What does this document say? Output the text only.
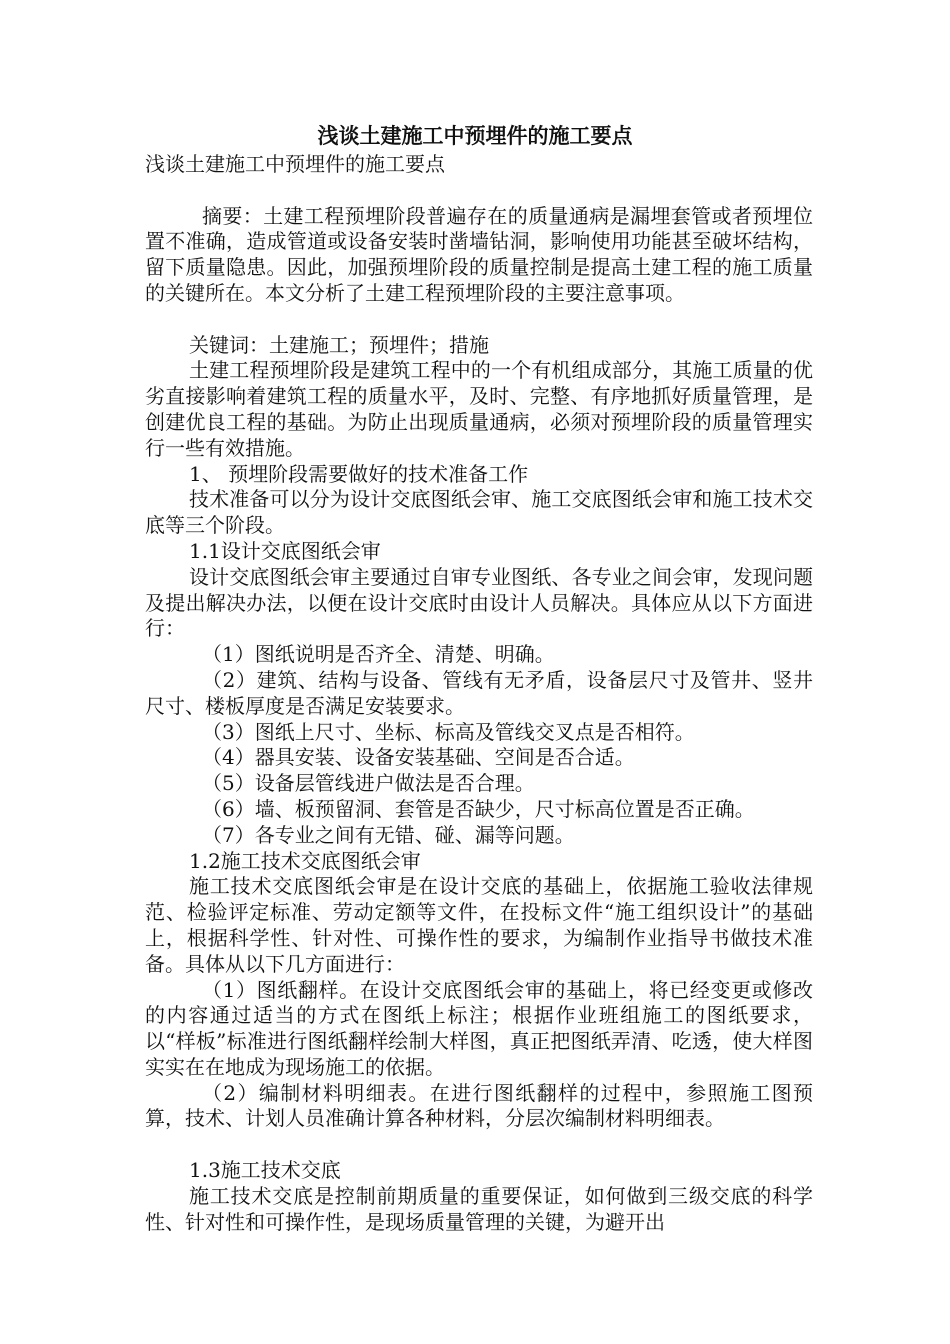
浅谈土建施工中预埋件的施工要点

浅谈土建施工中预埋件的施工要点

摘要：土建工程预埋阶段普遍存在的质量通病是漏埋套管或者预埋位置不准确，造成管道或设备安装时凿墙钻洞，影响使用功能甚至破坏结构，留下质量隐患。因此，加强预埋阶段的质量控制是提高土建工程的施工质量的关键所在。本文分析了土建工程预埋阶段的主要注意事项。

关键词：土建施工；预埋件；措施

土建工程预埋阶段是建筑工程中的一个有机组成部分，其施工质量的优劣直接影响着建筑工程的质量水平，及时、完整、有序地抓好质量管理，是创建优良工程的基础。为防止出现质量通病，必须对预埋阶段的质量管理实行一些有效措施。

1、 预埋阶段需要做好的技术准备工作

技术准备可以分为设计交底图纸会审、施工交底图纸会审和施工技术交底等三个阶段。

1.1设计交底图纸会审

设计交底图纸会审主要通过自审专业图纸、各专业之间会审，发现问题及提出解决办法，以便在设计交底时由设计人员解决。具体应从以下方面进行：

（1）图纸说明是否齐全、清楚、明确。

（2）建筑、结构与设备、管线有无矛盾，设备层尺寸及管井、竖井尺寸、楼板厚度是否满足安装要求。

（3）图纸上尺寸、坐标、标高及管线交叉点是否相符。

（4）器具安装、设备安装基础、空间是否合适。

（5）设备层管线进户做法是否合理。

（6）墙、板预留洞、套管是否缺少，尺寸标高位置是否正确。

（7）各专业之间有无错、碰、漏等问题。

1.2施工技术交底图纸会审

施工技术交底图纸会审是在设计交底的基础上，依据施工验收法律规范、检验评定标准、劳动定额等文件，在投标文件“施工组织设计”的基础上，根据科学性、针对性、可操作性的要求，为编制作业指导书做技术准备。具体从以下几方面进行：

（1）图纸翻样。在设计交底图纸会审的基础上，将已经变更或修改的内容通过适当的方式在图纸上标注；根据作业班组施工的图纸要求，以“样板”标准进行图纸翻样绘制大样图，真正把图纸弄清、吃透，使大样图实实在在地成为现场施工的依据。

（2）编制材料明细表。在进行图纸翻样的过程中，参照施工图预算，技术、计划人员准确计算各种材料，分层次编制材料明细表。

1.3施工技术交底

施工技术交底是控制前期质量的重要保证，如何做到三级交底的科学性、针对性和可操作性，是现场质量管理的关键，为避开出
